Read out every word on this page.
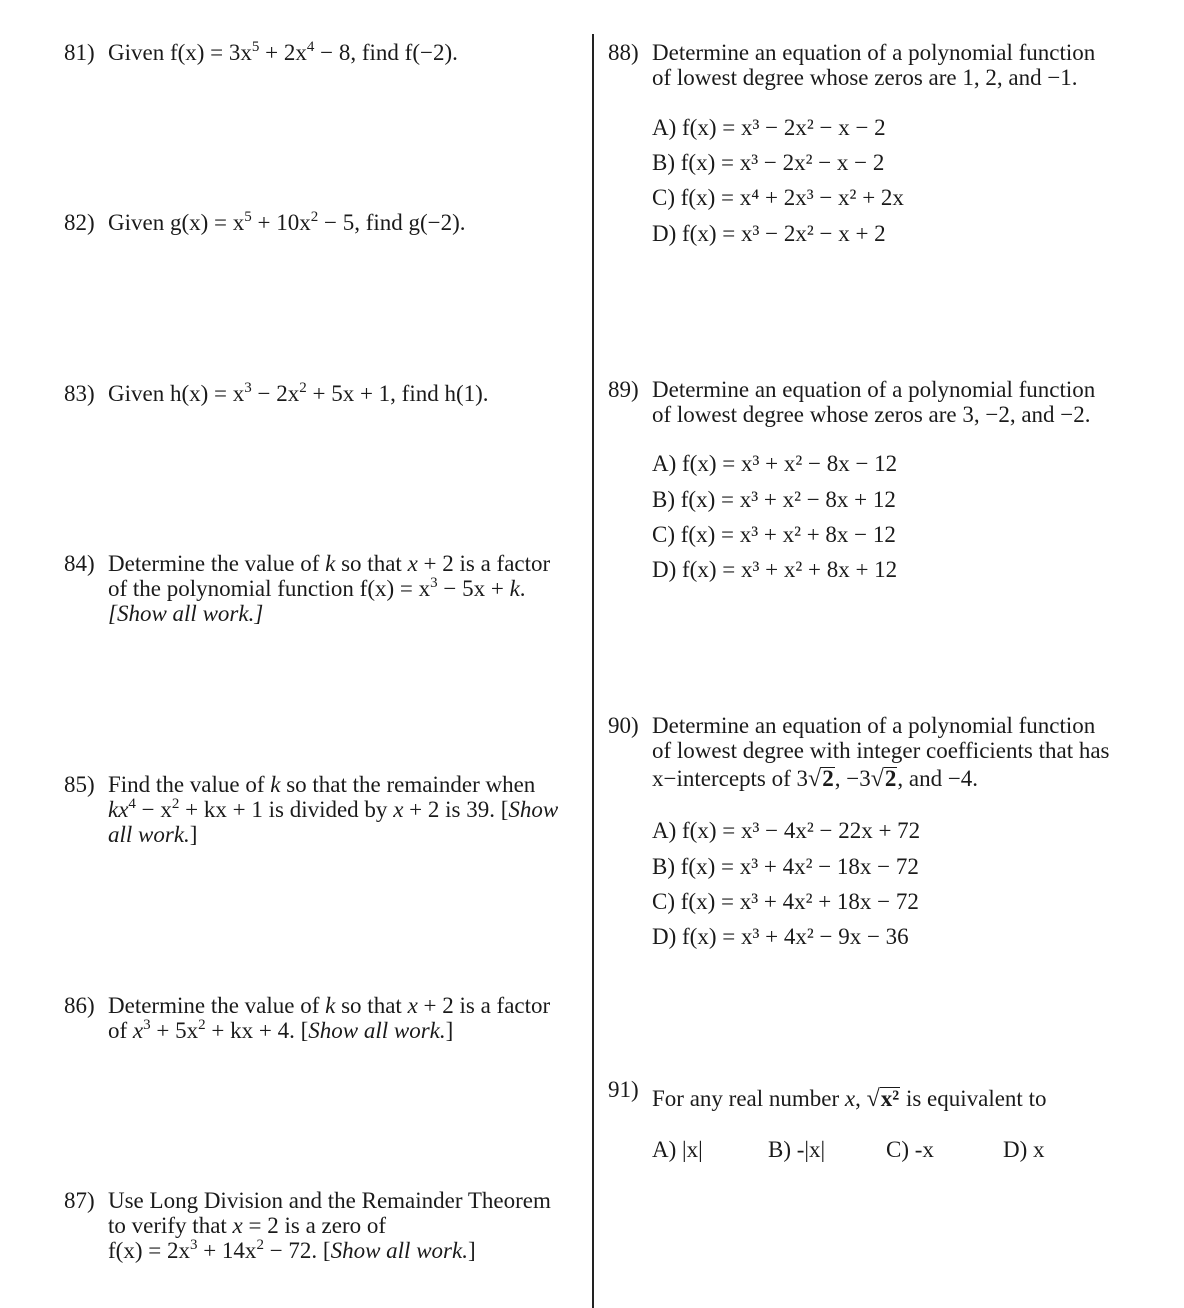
81) Given $f(x) = 3x^5 + 2x^4 - 8$, find f(−2).
82) Given $g(x) = x^5 + 10x^2 - 5$, find g(−2).
83) Given $h(x) = x^3 - 2x^2 + 5x + 1$, find h(1).
84) Determine the value of k so that x + 2 is a factor
of the polynomial function $f(x) = x^3 - 5x + k$.
[Show all work.]
85) Find the value of k so that the remainder when
$kx^4 - x^2$ + kx + 1 is divided by x + 2 is 39. [Show
all work.]
86) Determine the value of k so that x + 2 is a factor
of $x^3 + 5x^2$ + kx + 4. [Show all work.]
87) Use Long Division and the Remainder Theorem
to verify that x = 2 is a zero of
$f(x) = 2x^3 + 14x^2 - 72$. [Show all work.]
88) Determine an equation of a polynomial function
of lowest degree whose zeros are 1, 2, and −1.
A) f(x) = x³ − 2x² − x − 2
B) f(x) = x³ − 2x² − x − 2
C) f(x) = x⁴ + 2x³ − x² + 2x
D) f(x) = x³ − 2x² − x + 2
89) Determine an equation of a polynomial function
of lowest degree whose zeros are 3, −2, and −2.
A) f(x) = x³ + x² − 8x − 12
B) f(x) = x³ + x² − 8x + 12
C) f(x) = x³ + x² + 8x − 12
D) f(x) = x³ + x² + 8x + 12
90) Determine an equation of a polynomial function
of lowest degree with integer coefficients that has
x−intercepts of 3√2, −3√2, and −4.
A) f(x) = x³ − 4x² − 22x + 72
B) f(x) = x³ + 4x² − 18x − 72
C) f(x) = x³ + 4x² + 18x − 72
D) f(x) = x³ + 4x² − 9x − 36
91) For any real number x, √x² is equivalent to
A) |x|	B) -|x|	C) -x	D) x
